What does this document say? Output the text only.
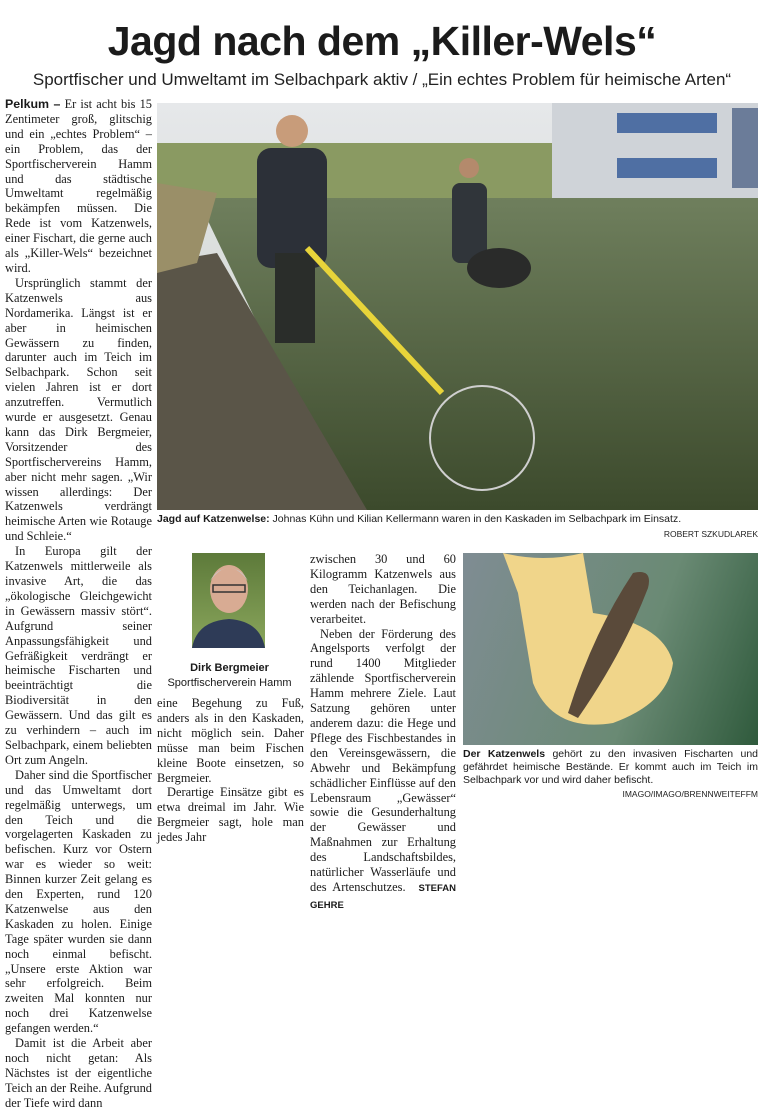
Jagd nach dem „Killer-Wels“
Sportfischer und Umweltamt im Selbachpark aktiv / „Ein echtes Problem für heimische Arten“

Pelkum – Er ist acht bis 15 Zentimeter groß, glitschig und ein „echtes Problem“ – ein Problem, das der Sportfischerverein Hamm und das städtische Umweltamt regelmäßig bekämpfen müssen. Die Rede ist vom Katzenwels, einer Fischart, die gerne auch als „Killer-Wels“ bezeichnet wird.

Ursprünglich stammt der Katzenwels aus Nordamerika. Längst ist er aber in heimischen Gewässern zu finden, darunter auch im Teich im Selbachpark. Schon seit vielen Jahren ist er dort anzutreffen. Vermutlich wurde er ausgesetzt. Genau kann das Dirk Bergmeier, Vorsitzender des Sportfischervereins Hamm, aber nicht mehr sagen. „Wir wissen allerdings: Der Katzenwels verdrängt heimische Arten wie Rotauge und Schleie.“

In Europa gilt der Katzenwels mittlerweile als invasive Art, die das „ökologische Gleichgewicht in Gewässern massiv stört“. Aufgrund seiner Anpassungsfähigkeit und Gefräßigkeit verdrängt er heimische Fischarten und beeinträchtigt die Biodiversität in den Gewässern. Und das gilt es zu verhindern – auch im Selbachpark, einem beliebten Ort zum Angeln.

Daher sind die Sportfischer und das Umweltamt dort regelmäßig unterwegs, um den Teich und die vorgelagerten Kaskaden zu befischen. Kurz vor Ostern war es wieder so weit: Binnen kurzer Zeit gelang es den Experten, rund 120 Katzenwelse aus den Kaskaden zu holen. Einige Tage später wurden sie dann noch einmal befischt. „Unsere erste Aktion war sehr erfolgreich. Beim zweiten Mal konnten nur noch drei Katzenwelse gefangen werden.“

Damit ist die Arbeit aber noch nicht getan: Als Nächstes ist der eigentliche Teich an der Reihe. Aufgrund der Tiefe wird dann

Jagd auf Katzenwelse: Johnas Kühn und Kilian Kellermann waren in den Kaskaden im Selbachpark im Einsatz.
ROBERT SZKUDLAREK
Dirk Bergmeier
Sportfischerverein Hamm

eine Begehung zu Fuß, anders als in den Kaskaden, nicht möglich sein. Daher müsse man beim Fischen kleine Boote einsetzen, so Bergmeier.

Derartige Einsätze gibt es etwa dreimal im Jahr. Wie Bergmeier sagt, hole man jedes Jahr

zwischen 30 und 60 Kilogramm Katzenwels aus den Teichanlagen. Die werden nach der Befischung verarbeitet.

Neben der Förderung des Angelsports verfolgt der rund 1400 Mitglieder zählende Sportfischerverein Hamm mehrere Ziele. Laut Satzung gehören unter anderem dazu: die Hege und Pflege des Fischbestandes in den Vereinsgewässern, die Abwehr und Bekämpfung schädlicher Einflüsse auf den Lebensraum „Gewässer“ sowie die Gesunderhaltung der Gewässer und Maßnahmen zur Erhaltung des Landschaftsbildes, natürlicher Wasserläufe und des Artenschutzes. STEFAN GEHRE

Der Katzenwels gehört zu den invasiven Fischarten und gefährdet heimische Bestände. Er kommt auch im Teich im Selbachpark vor und wird daher befischt.
IMAGO/IMAGO/BRENNWEITEFFM
